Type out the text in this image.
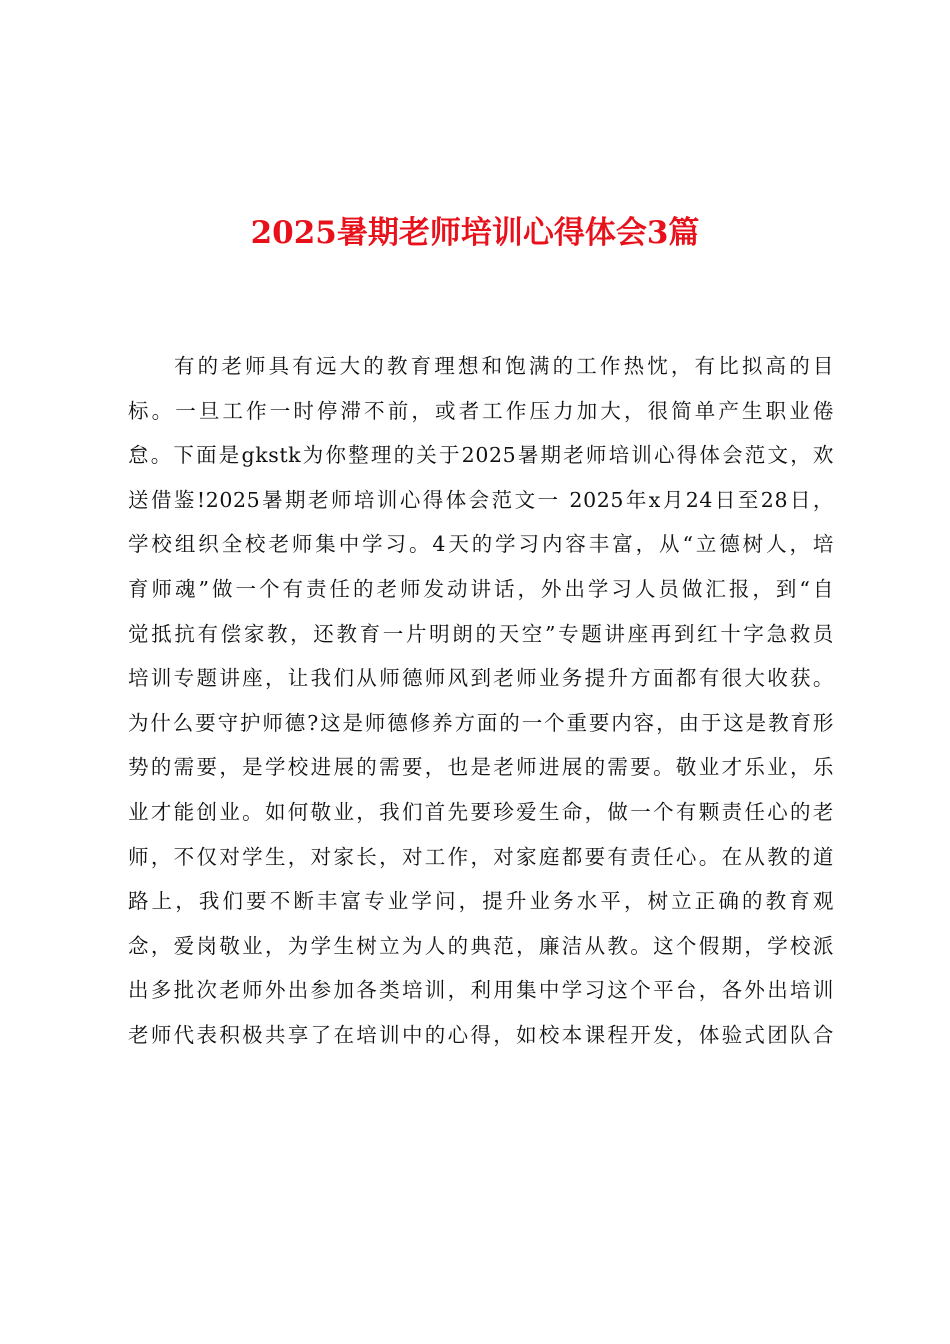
2025暑期老师培训心得体会3篇
有的老师具有远大的教育理想和饱满的工作热忱，有比拟高的目
标。一旦工作一时停滞不前，或者工作压力加大，很简单产生职业倦
怠。下面是gkstk为你整理的关于2025暑期老师培训心得体会范文，欢
送借鉴!2025暑期老师培训心得体会范文一 2025年x月24日至28日，
学校组织全校老师集中学习。4天的学习内容丰富，从“立德树人，培
育师魂”做一个有责任的老师发动讲话，外出学习人员做汇报，到“自
觉抵抗有偿家教，还教育一片明朗的天空”专题讲座再到红十字急救员
培训专题讲座，让我们从师德师风到老师业务提升方面都有很大收获。
为什么要守护师德?这是师德修养方面的一个重要内容，由于这是教育形
势的需要，是学校进展的需要，也是老师进展的需要。敬业才乐业，乐
业才能创业。如何敬业，我们首先要珍爱生命，做一个有颗责任心的老
师，不仅对学生，对家长，对工作，对家庭都要有责任心。在从教的道
路上，我们要不断丰富专业学问，提升业务水平，树立正确的教育观
念，爱岗敬业，为学生树立为人的典范，廉洁从教。这个假期，学校派
出多批次老师外出参加各类培训，利用集中学习这个平台，各外出培训
老师代表积极共享了在培训中的心得，如校本课程开发，体验式团队合
